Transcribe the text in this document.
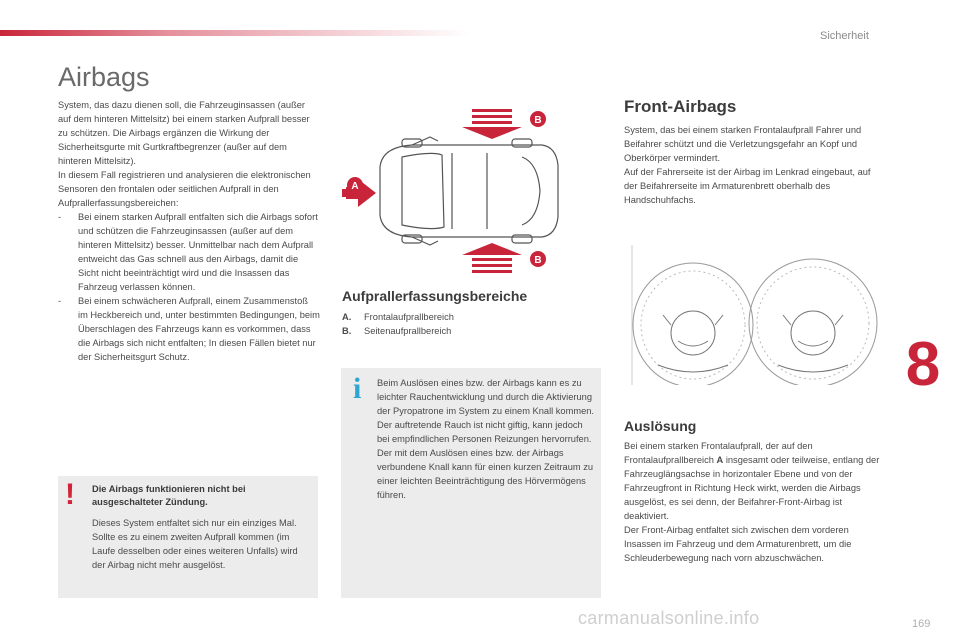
Sicherheit
8
169
carmanualsonline.info
Airbags

System, das dazu dienen soll, die Fahrzeuginsassen (außer auf dem hinteren Mittelsitz) bei einem starken Aufprall besser zu schützen. Die Airbags ergänzen die Wirkung der Sicherheitsgurte mit Gurtkraftbegrenzer (außer auf dem hinteren Mittelsitz).

In diesem Fall registrieren und analysieren die elektronischen Sensoren den frontalen oder seitlichen Aufprall in den Aufprallerfassungsbereichen:

-	Bei einem starken Aufprall entfalten sich die Airbags sofort und schützen die Fahrzeuginsassen (außer auf dem hinteren Mittelsitz) besser. Unmittelbar nach dem Aufprall entweicht das Gas schnell aus den Airbags, damit die Sicht nicht beeinträchtigt wird und die Insassen das Fahrzeug verlassen können.

-	Bei einem schwächeren Aufprall, einem Zusammenstoß im Heckbereich und, unter bestimmten Bedingungen, beim Überschlagen des Fahrzeugs kann es vorkommen, dass die Airbags sich nicht entfalten; In diesen Fällen bietet nur der Sicherheitsgurt Schutz.

! Die Airbags funktionieren nicht bei ausgeschalteter Zündung.

Dieses System entfaltet sich nur ein einziges Mal. Sollte es zu einem zweiten Aufprall kommen (im Laufe desselben oder eines weiteren Unfalls) wird der Airbag nicht mehr ausgelöst.

A
B
B
Aufprallerfassungsbereiche

A.	Frontalaufprallbereich

B.	Seitenaufprallbereich

i Beim Auslösen eines bzw. der Airbags kann es zu leichter Rauchentwicklung und durch die Aktivierung der Pyropatrone im System zu einem Knall kommen.

Der auftretende Rauch ist nicht giftig, kann jedoch bei empfindlichen Personen Reizungen hervorrufen.

Der mit dem Auslösen eines bzw. der Airbags verbundene Knall kann für einen kurzen Zeitraum zu einer leichten Beeinträchtigung des Hörvermögens führen.

Front-Airbags

System, das bei einem starken Frontalaufprall Fahrer und Beifahrer schützt und die Verletzungsgefahr an Kopf und Oberkörper vermindert.

Auf der Fahrerseite ist der Airbag im Lenkrad eingebaut, auf der Beifahrerseite im Armaturenbrett oberhalb des Handschuhfachs.

Auslösung

Bei einem starken Frontalaufprall, der auf den Frontalaufprallbereich A insgesamt oder teilweise, entlang der Fahrzeuglängsachse in horizontaler Ebene und von der Fahrzeugfront in Richtung Heck wirkt, werden die Airbags ausgelöst, es sei denn, der Beifahrer-Front-Airbag ist deaktiviert.

Der Front-Airbag entfaltet sich zwischen dem vorderen Insassen im Fahrzeug und dem Armaturenbrett, um die Schleuderbewegung nach vorn abzuschwächen.
